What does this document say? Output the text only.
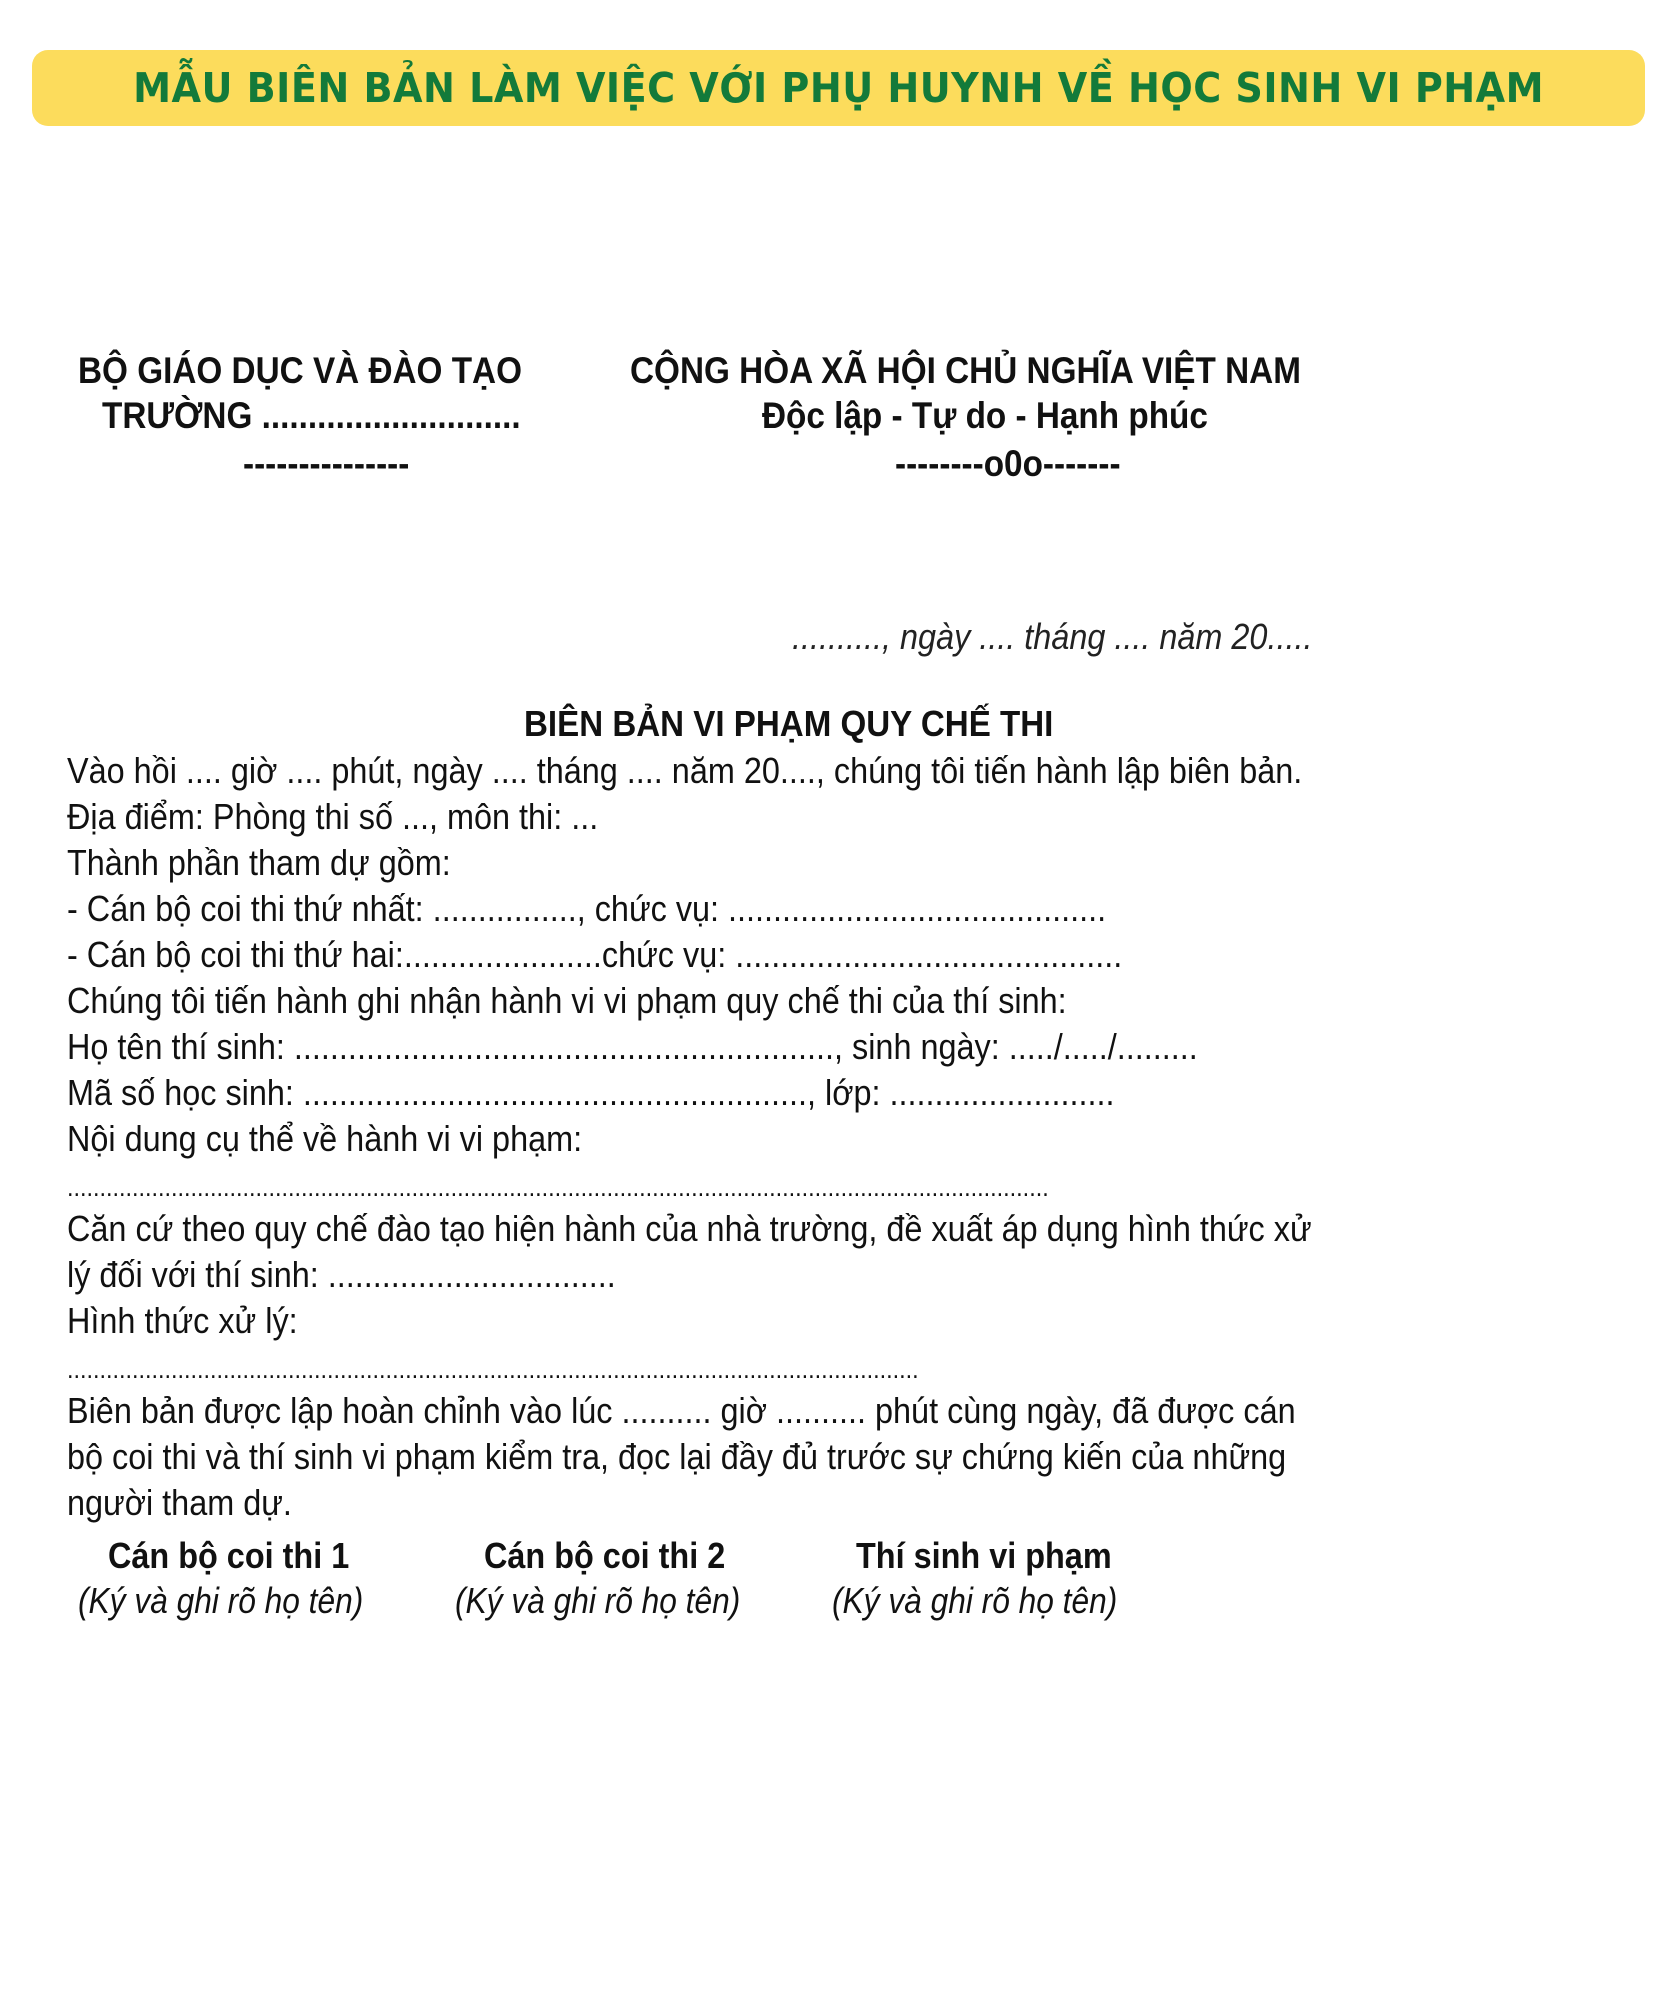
MẪU BIÊN BẢN LÀM VIỆC VỚI PHỤ HUYNH VỀ HỌC SINH VI PHẠM
BỘ GIÁO DỤC VÀ ĐÀO TẠO
TRƯỜNG ............................
---------------
CỘNG HÒA XÃ HỘI CHỦ NGHĨA VIỆT NAM
Độc lập - Tự do - Hạnh phúc
--------o0o-------
.........., ngày .... tháng .... năm 20.....
BIÊN BẢN VI PHẠM QUY CHẾ THI
Vào hồi .... giờ .... phút, ngày .... tháng .... năm 20...., chúng tôi tiến hành lập biên bản.
Địa điểm: Phòng thi số ..., môn thi: ...
Thành phần tham dự gồm:
- Cán bộ coi thi thứ nhất: ................, chức vụ: ..........................................
- Cán bộ coi thi thứ hai:......................chức vụ: ...........................................
Chúng tôi tiến hành ghi nhận hành vi vi phạm quy chế thi của thí sinh:
Họ tên thí sinh: ............................................................, sinh ngày: ...../...../.........
Mã số học sinh: ........................................................, lớp: .........................
Nội dung cụ thể về hành vi vi phạm:
.......................................................................................................................................................
Căn cứ theo quy chế đào tạo hiện hành của nhà trường, đề xuất áp dụng hình thức xử
lý đối với thí sinh: ................................
Hình thức xử lý:
...................................................................................................................................
Biên bản được lập hoàn chỉnh vào lúc .......... giờ .......... phút cùng ngày, đã được cán
bộ coi thi và thí sinh vi phạm kiểm tra, đọc lại đầy đủ trước sự chứng kiến của những
người tham dự.
Cán bộ coi thi 1	Cán bộ coi thi 2	Thí sinh vi phạm
(Ký và ghi rõ họ tên)	(Ký và ghi rõ họ tên)	(Ký và ghi rõ họ tên)
